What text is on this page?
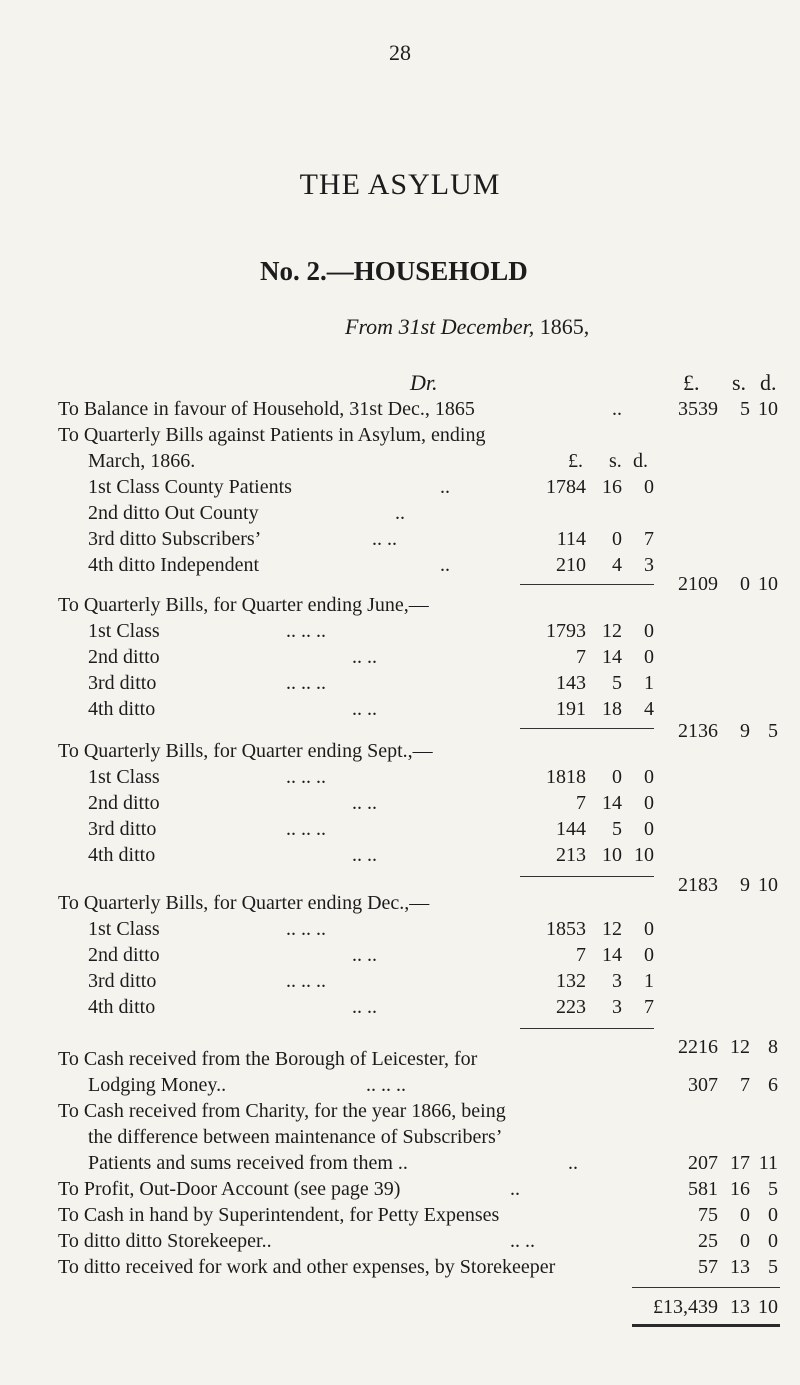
28
THE ASYLUM
No. 2.—HOUSEHOLD
From 31st December, 1865,
Dr.	£. s. d.
To Balance in favour of Household, 31st Dec., 1865	..	3539	5 10
To Quarterly Bills against Patients in Asylum, ending
March, 1866.	£. s. d.
1st Class County Patients	..	1784 16	0
2nd ditto Out County	..
3rd ditto Subscribers’	.. ..	114	0	7
4th ditto Independent	..	210	4	3
2109	0 10
To Quarterly Bills, for Quarter ending June,—
1st Class	.. .. ..	1793 12	0
2nd ditto	.. ..	7 14	0
3rd ditto	.. .. ..	143	5	1
4th ditto	.. ..	191 18	4
2136	9 5
To Quarterly Bills, for Quarter ending Sept.,—
1st Class	.. .. ..	1818	0	0
2nd ditto	.. ..	7 14	0
3rd ditto	.. .. ..	144	5	0
4th ditto	.. ..	213 10 10
2183	9 10
To Quarterly Bills, for Quarter ending Dec.,—
1st Class	.. .. ..	1853 12	0
2nd ditto	.. ..	7 14	0
3rd ditto	.. .. ..	132	3	1
4th ditto	.. ..	223	3	7
2216 12 8
To Cash received from the Borough of Leicester, for
Lodging Money..	.. .. ..	307	7 6
To Cash received from Charity, for the year 1866, being
the difference between maintenance of Subscribers’
Patients and sums received from them ..	..	207 17 11
To Profit, Out-Door Account (see page 39)	..	581 16 5
To Cash in hand by Superintendent, for Petty Expenses	75	0 0
To ditto ditto Storekeeper..	.. ..	25	0 0
To ditto received for work and other expenses, by Storekeeper	57 13 5
£13,439 13 10
